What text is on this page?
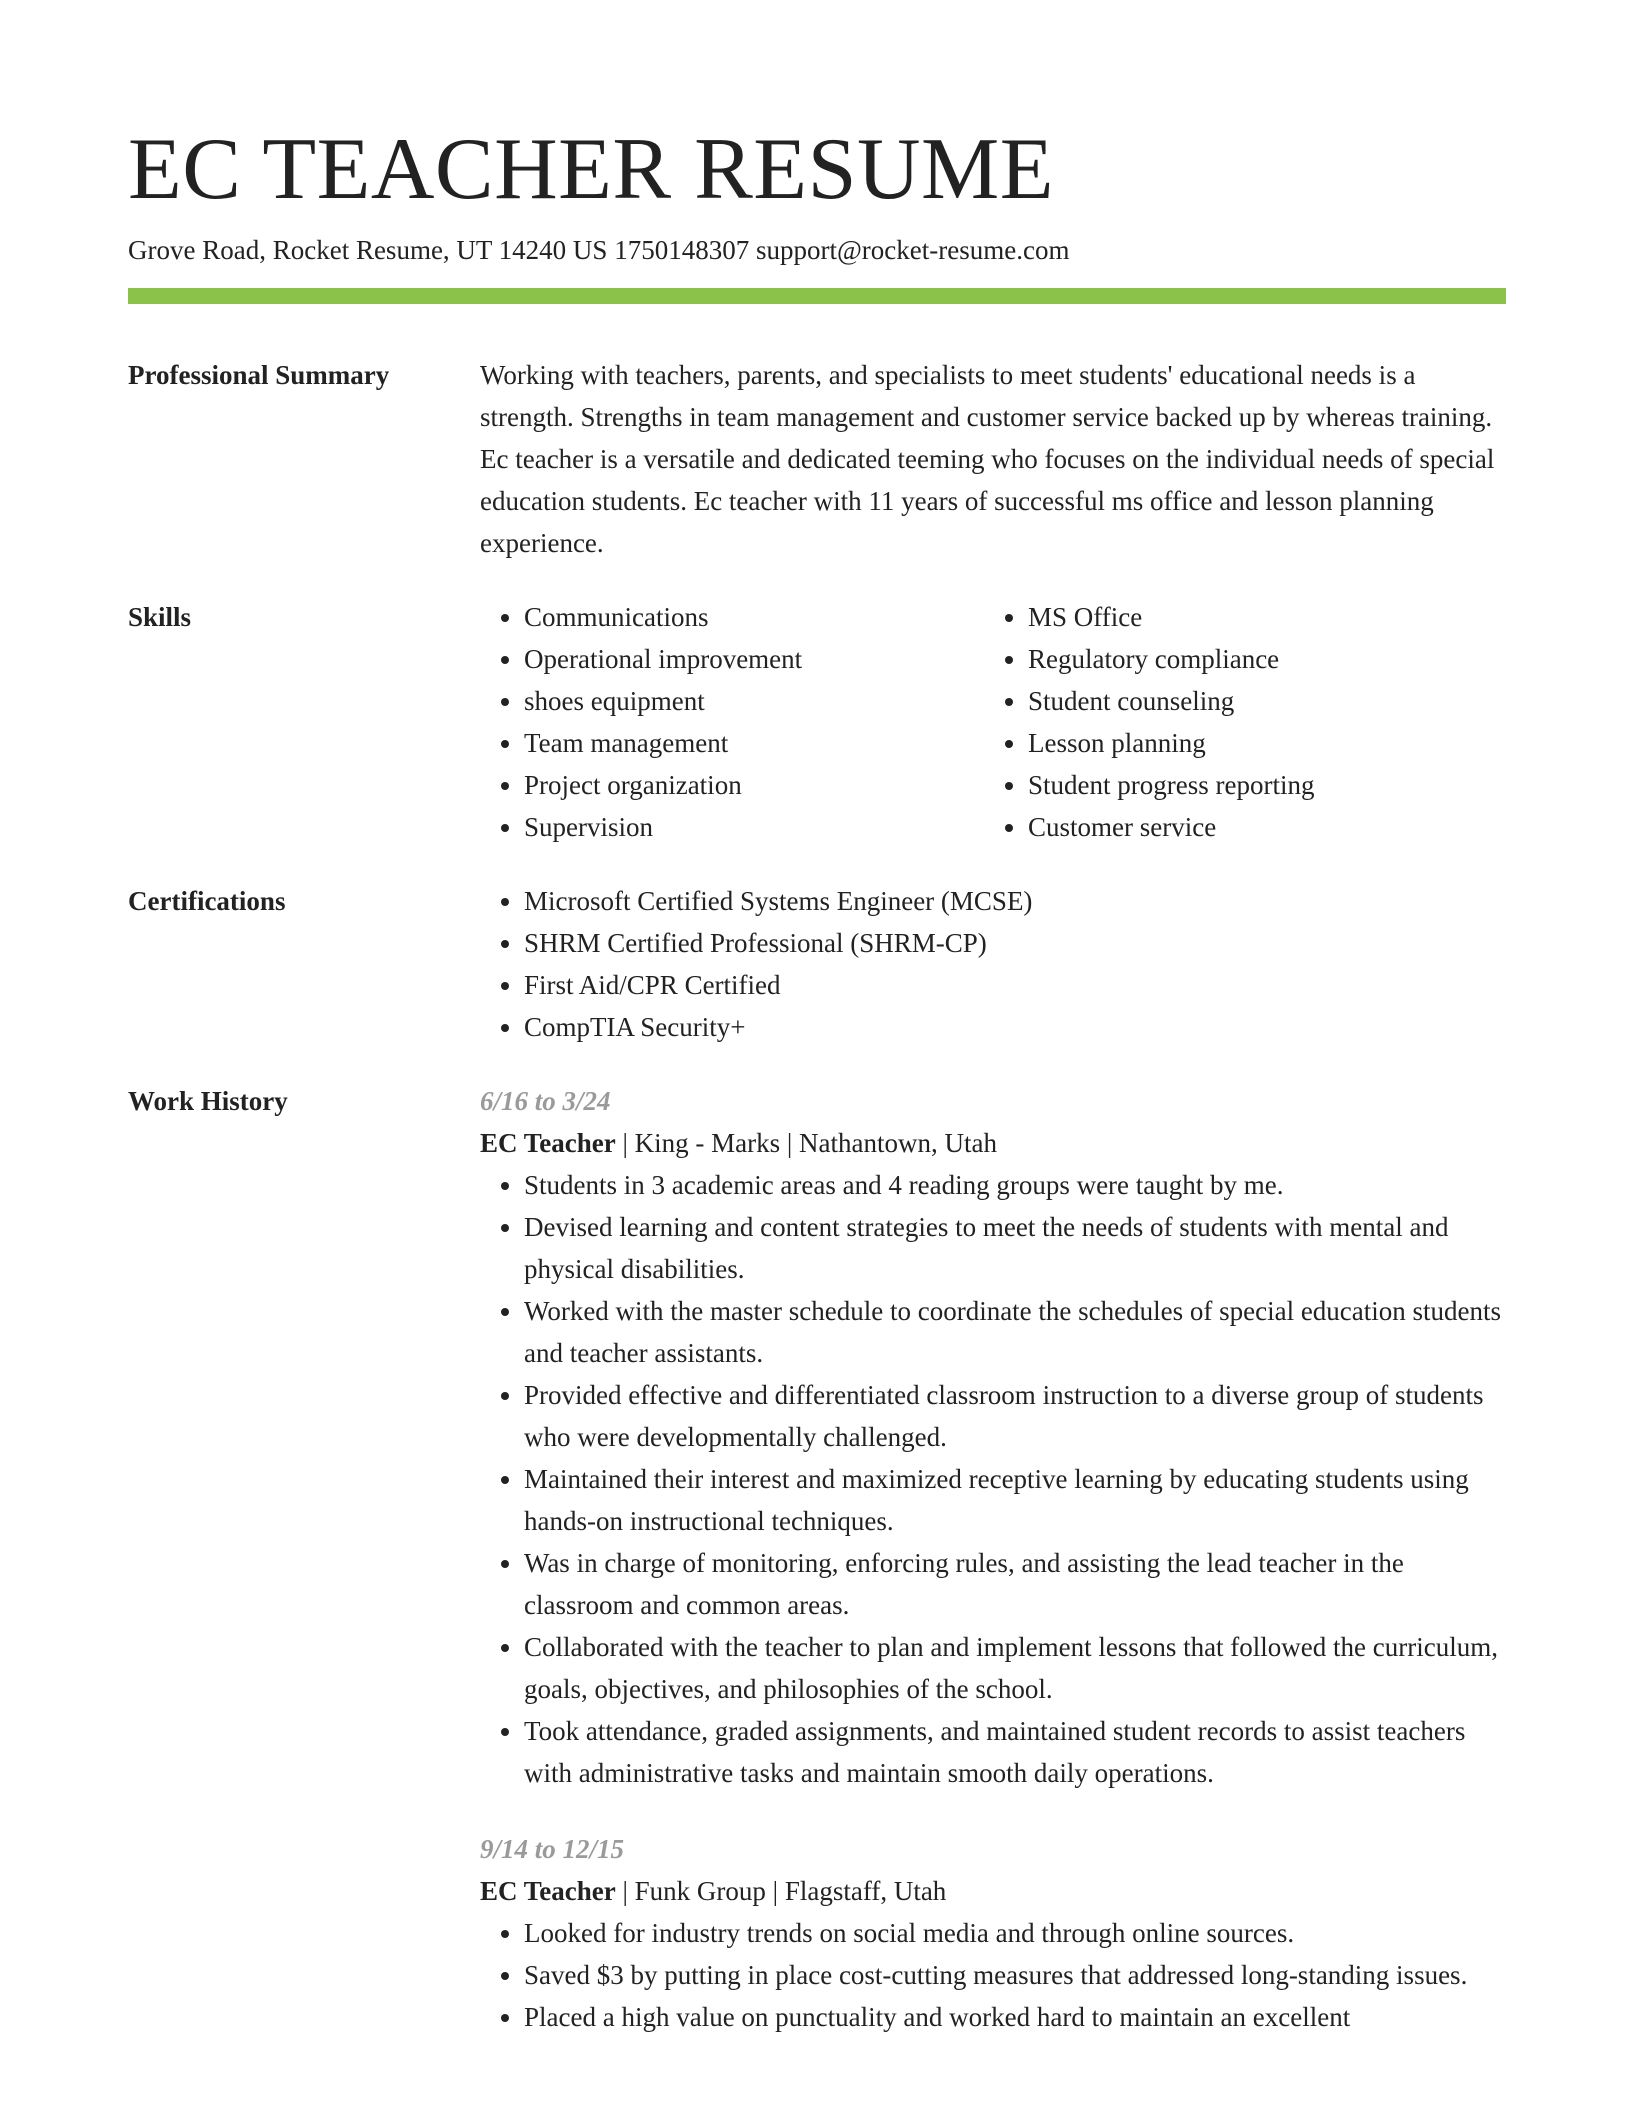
EC TEACHER RESUME
Grove Road, Rocket Resume, UT 14240 US 1750148307 support@rocket-resume.com
Professional Summary	Working with teachers, parents, and specialists to meet students' educational needs is a strength. Strengths in team management and customer service backed up by whereas training. Ec teacher is a versatile and dedicated teeming who focuses on the individual needs of special education students. Ec teacher with 11 years of successful ms office and lesson planning experience.
Skills	• Communications
• Operational improvement
• shoes equipment
• Team management
• Project organization
• Supervision
• MS Office
• Regulatory compliance
• Student counseling
• Lesson planning
• Student progress reporting
• Customer service
Certifications	• Microsoft Certified Systems Engineer (MCSE)
• SHRM Certified Professional (SHRM-CP)
• First Aid/CPR Certified
• CompTIA Security+
Work History	6/16 to 3/24
EC Teacher | King - Marks | Nathantown, Utah
• Students in 3 academic areas and 4 reading groups were taught by me.
• Devised learning and content strategies to meet the needs of students with mental and physical disabilities.
• Worked with the master schedule to coordinate the schedules of special education students and teacher assistants.
• Provided effective and differentiated classroom instruction to a diverse group of students who were developmentally challenged.
• Maintained their interest and maximized receptive learning by educating students using hands-on instructional techniques.
• Was in charge of monitoring, enforcing rules, and assisting the lead teacher in the classroom and common areas.
• Collaborated with the teacher to plan and implement lessons that followed the curriculum, goals, objectives, and philosophies of the school.
• Took attendance, graded assignments, and maintained student records to assist teachers with administrative tasks and maintain smooth daily operations.
9/14 to 12/15
EC Teacher | Funk Group | Flagstaff, Utah
• Looked for industry trends on social media and through online sources.
• Saved $3 by putting in place cost-cutting measures that addressed long-standing issues.
• Placed a high value on punctuality and worked hard to maintain an excellent
